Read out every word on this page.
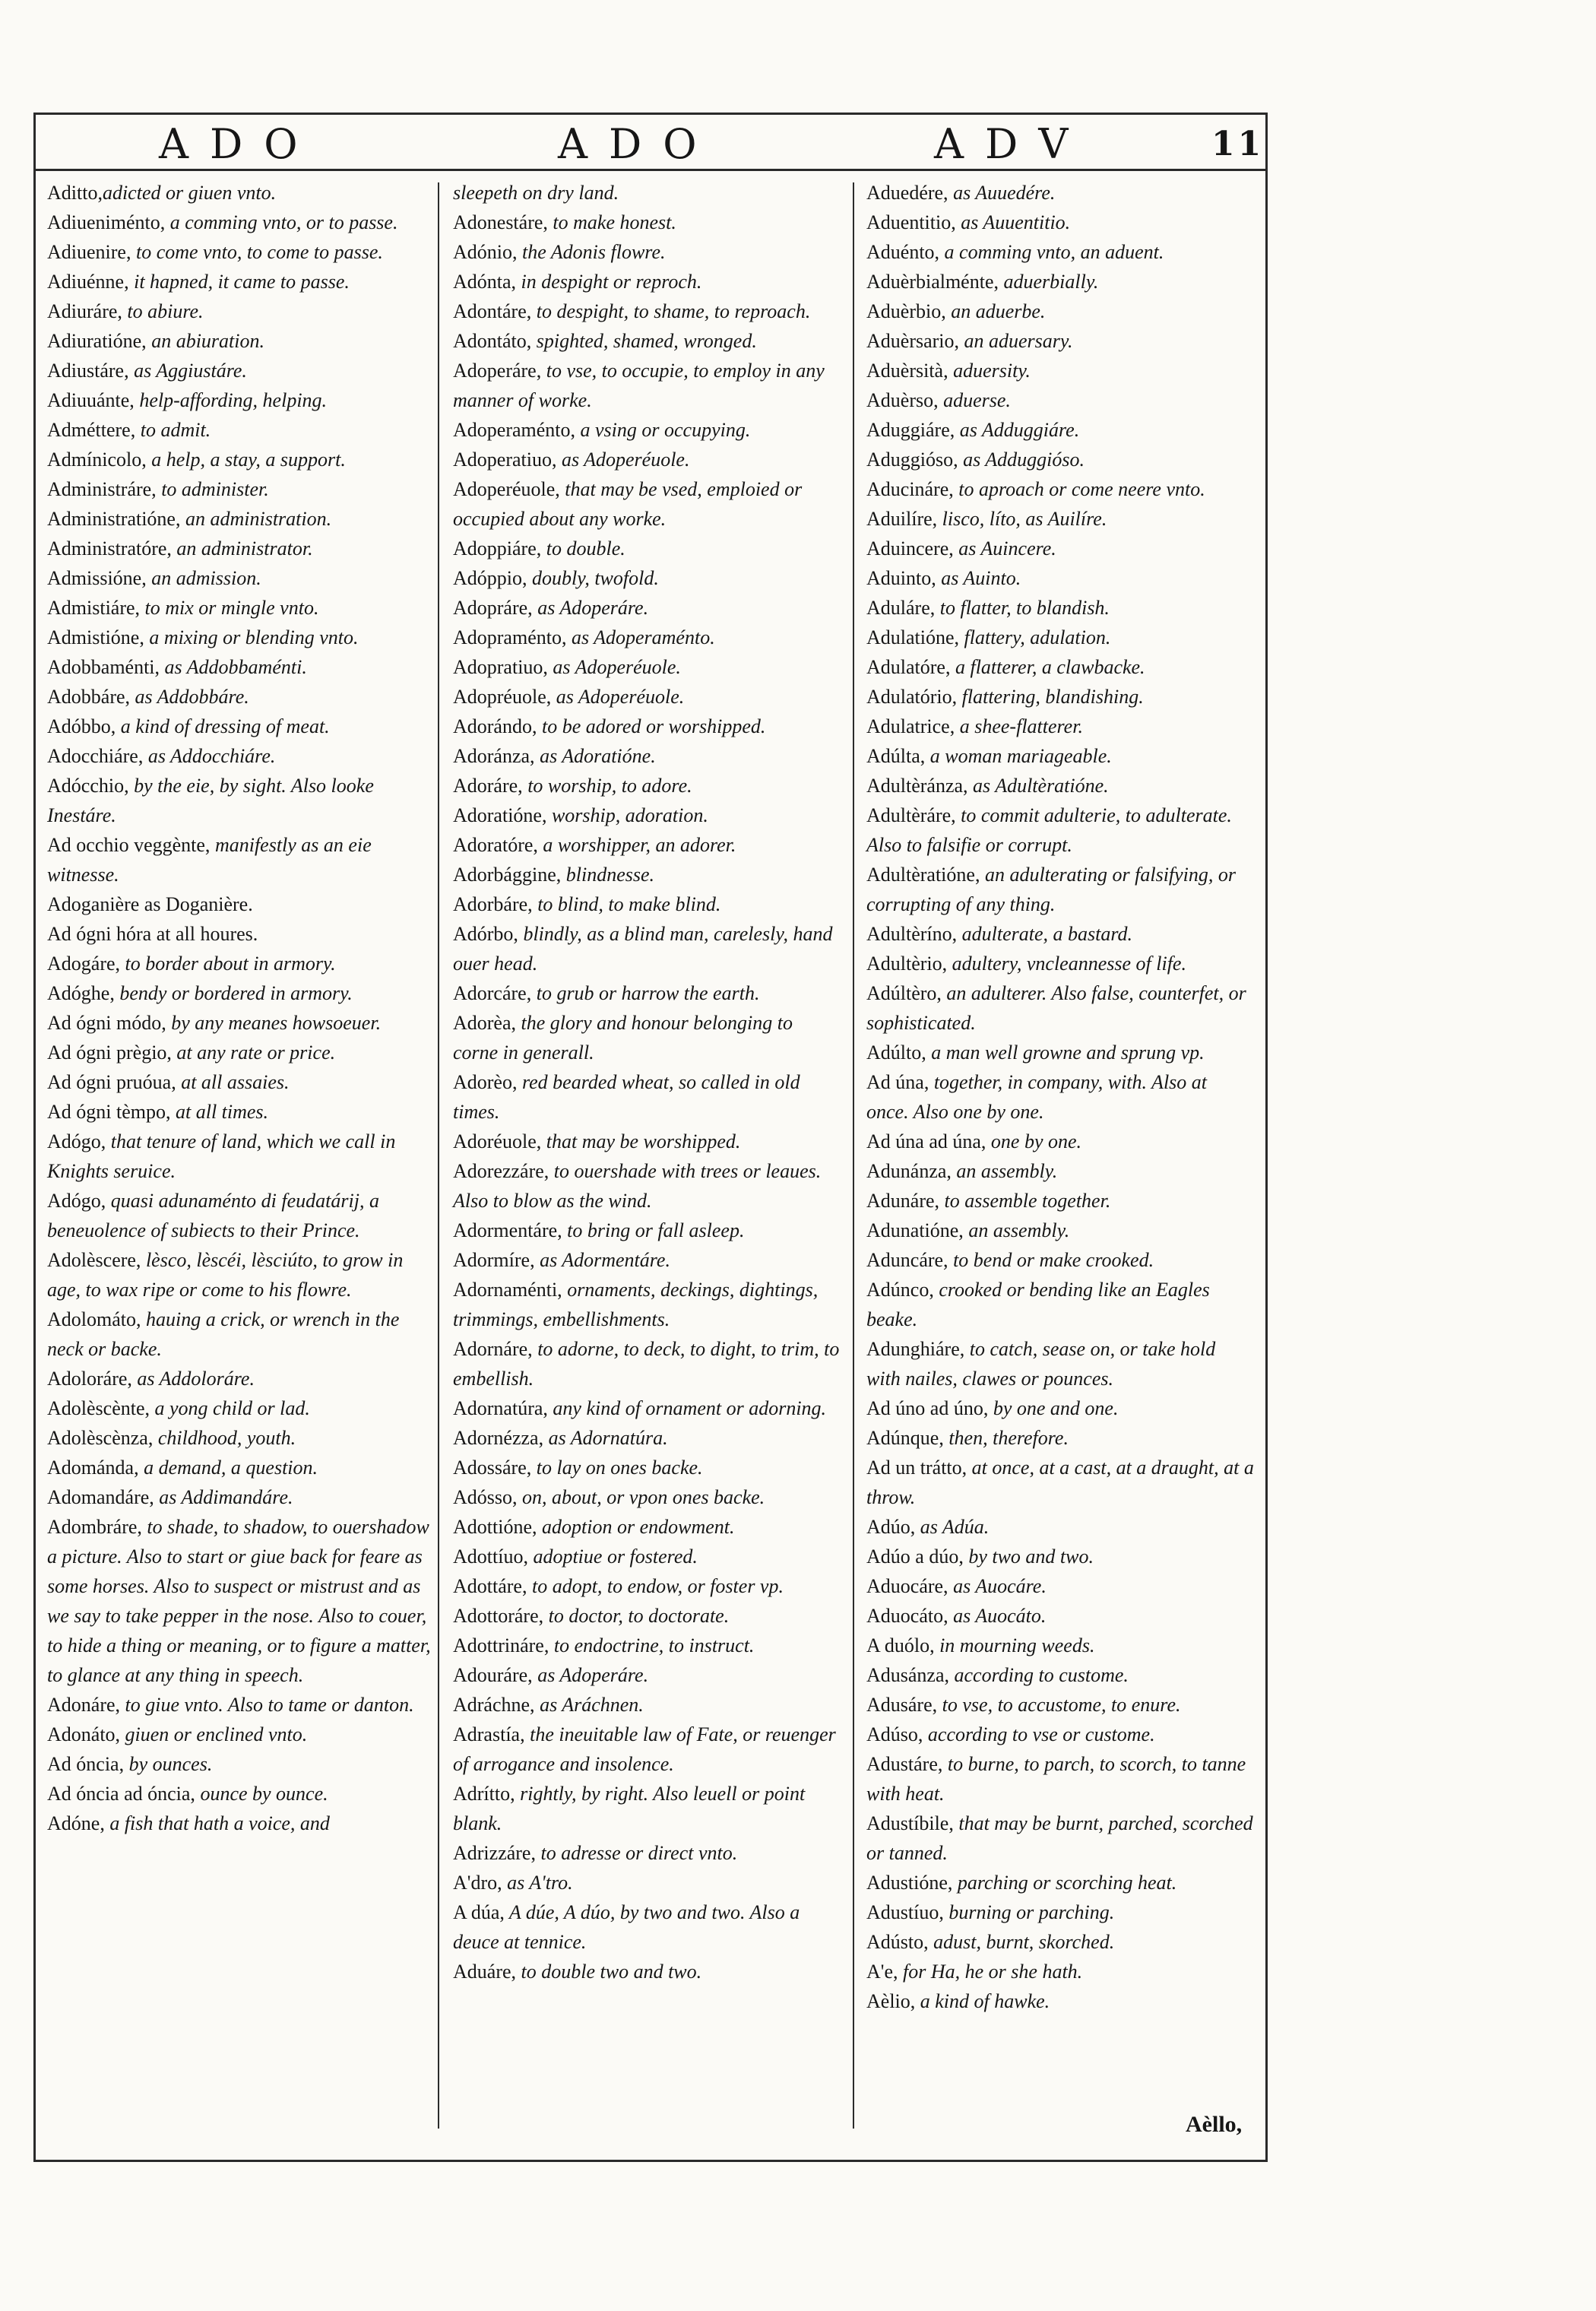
ADO	ADO	ADV	11

Aditto,adicted or giuen vnto.

Adiueniménto, a comming vnto, or to passe.

Adiuenire, to come vnto, to come to passe.

Adiuénne, it hapned, it came to passe.

Adiuráre, to abiure.

Adiuratióne, an abiuration.

Adiustáre, as Aggiustáre.

Adiuuánte, help-affording, helping.

Adméttere, to admit.

Admínicolo, a help, a stay, a support.

Administráre, to administer.

Administratióne, an administration.

Administratóre, an administrator.

Admissióne, an admission.

Admistiáre, to mix or mingle vnto.

Admistióne, a mixing or blending vnto.

Adobbaménti, as Addobbaménti.

Adobbáre, as Addobbáre.

Adóbbo, a kind of dressing of meat.

Adocchiáre, as Addocchiáre.

Adócchio, by the eie, by sight. Also looke Inestáre.

Ad occhio veggènte, manifestly as an eie witnesse.

Adoganière as Doganière.

Ad ógni hóra at all houres.

Adogáre, to border about in armory.

Adóghe, bendy or bordered in armory.

Ad ógni módo, by any meanes howsoeuer.

Ad ógni prègio, at any rate or price.

Ad ógni pruóua, at all assaies.

Ad ógni tèmpo, at all times.

Adógo, that tenure of land, which we call in Knights seruice.

Adógo, quasi adunaménto di feudatárij, a beneuolence of subiects to their Prince.

Adolèscere, lèsco, lèscéi, lèsciúto, to grow in age, to wax ripe or come to his flowre.

Adolomáto, hauing a crick, or wrench in the neck or backe.

Adoloráre, as Addoloráre.

Adolèscènte, a yong child or lad.

Adolèscènza, childhood, youth.

Adománda, a demand, a question.

Adomandáre, as Addimandáre.

Adombráre, to shade, to shadow, to ouershadow a picture. Also to start or giue back for feare as some horses. Also to suspect or mistrust and as we say to take pepper in the nose. Also to couer, to hide a thing or meaning, or to figure a matter, to glance at any thing in speech.

Adonáre, to giue vnto. Also to tame or danton.

Adonáto, giuen or enclined vnto.

Ad óncia, by ounces.

Ad óncia ad óncia, ounce by ounce.

Adóne, a fish that hath a voice, and

sleepeth on dry land.

Adonestáre, to make honest.

Adónio, the Adonis flowre.

Adónta, in despight or reproch.

Adontáre, to despight, to shame, to reproach.

Adontáto, spighted, shamed, wronged.

Adoperáre, to vse, to occupie, to employ in any manner of worke.

Adoperaménto, a vsing or occupying.

Adoperatiuo, as Adoperéuole.

Adoperéuole, that may be vsed, emploied or occupied about any worke.

Adoppiáre, to double.

Adóppio, doubly, twofold.

Adopráre, as Adoperáre.

Adopraménto, as Adoperaménto.

Adopratiuo, as Adoperéuole.

Adopréuole, as Adoperéuole.

Adorándo, to be adored or worshipped.

Adoránza, as Adoratióne.

Adoráre, to worship, to adore.

Adoratióne, worship, adoration.

Adoratóre, a worshipper, an adorer.

Adorbággine, blindnesse.

Adorbáre, to blind, to make blind.

Adórbo, blindly, as a blind man, carelesly, hand ouer head.

Adorcáre, to grub or harrow the earth.

Adorèa, the glory and honour belonging to corne in generall.

Adorèo, red bearded wheat, so called in old times.

Adoréuole, that may be worshipped.

Adorezzáre, to ouershade with trees or leaues. Also to blow as the wind.

Adormentáre, to bring or fall asleep.

Adormíre, as Adormentáre.

Adornaménti, ornaments, deckings, dightings, trimmings, embellishments.

Adornáre, to adorne, to deck, to dight, to trim, to embellish.

Adornatúra, any kind of ornament or adorning.

Adornézza, as Adornatúra.

Adossáre, to lay on ones backe.

Adósso, on, about, or vpon ones backe.

Adottióne, adoption or endowment.

Adottíuo, adoptiue or fostered.

Adottáre, to adopt, to endow, or foster vp.

Adottoráre, to doctor, to doctorate.

Adottrináre, to endoctrine, to instruct.

Adouráre, as Adoperáre.

Adráchne, as Aráchnen.

Adrastía, the ineuitable law of Fate, or reuenger of arrogance and insolence.

Adrítto, rightly, by right. Also leuell or point blank.

Adrizzáre, to adresse or direct vnto.

A'dro, as A'tro.

A dúa, A dúe, A dúo, by two and two. Also a deuce at tennice.

Aduáre, to double two and two.

Aduedére, as Auuedére.

Aduentitio, as Auuentitio.

Aduénto, a comming vnto, an aduent.

Aduèrbialménte, aduerbially.

Aduèrbio, an aduerbe.

Aduèrsario, an aduersary.

Aduèrsità, aduersity.

Aduèrso, aduerse.

Aduggiáre, as Adduggiáre.

Aduggióso, as Adduggióso.

Aducináre, to aproach or come neere vnto.

Aduilíre, lisco, líto, as Auilíre.

Aduincere, as Auincere.

Aduinto, as Auinto.

Aduláre, to flatter, to blandish.

Adulatióne, flattery, adulation.

Adulatóre, a flatterer, a clawbacke.

Adulatório, flattering, blandishing.

Adulatrice, a shee-flatterer.

Adúlta, a woman mariageable.

Adultèránza, as Adultèratióne.

Adultèráre, to commit adulterie, to adulterate. Also to falsifie or corrupt.

Adultèratióne, an adulterating or falsifying, or corrupting of any thing.

Adultèríno, adulterate, a bastard.

Adultèrio, adultery, vncleannesse of life.

Adúltèro, an adulterer. Also false, counterfet, or sophisticated.

Adúlto, a man well growne and sprung vp.

Ad úna, together, in company, with. Also at once. Also one by one.

Ad úna ad úna, one by one.

Adunánza, an assembly.

Adunáre, to assemble together.

Adunatióne, an assembly.

Aduncáre, to bend or make crooked.

Adúnco, crooked or bending like an Eagles beake.

Adunghiáre, to catch, sease on, or take hold with nailes, clawes or pounces.

Ad úno ad úno, by one and one.

Adúnque, then, therefore.

Ad un trátto, at once, at a cast, at a draught, at a throw.

Adúo, as Adúa.

Adúo a dúo, by two and two.

Aduocáre, as Auocáre.

Aduocáto, as Auocáto.

A duólo, in mourning weeds.

Adusánza, according to custome.

Adusáre, to vse, to accustome, to enure.

Adúso, according to vse or custome.

Adustáre, to burne, to parch, to scorch, to tanne with heat.

Adustíbile, that may be burnt, parched, scorched or tanned.

Adustióne, parching or scorching heat.

Adustíuo, burning or parching.

Adústo, adust, burnt, skorched.

A'e, for Ha, he or she hath.

Aèlio, a kind of hawke.

Aèllo,
